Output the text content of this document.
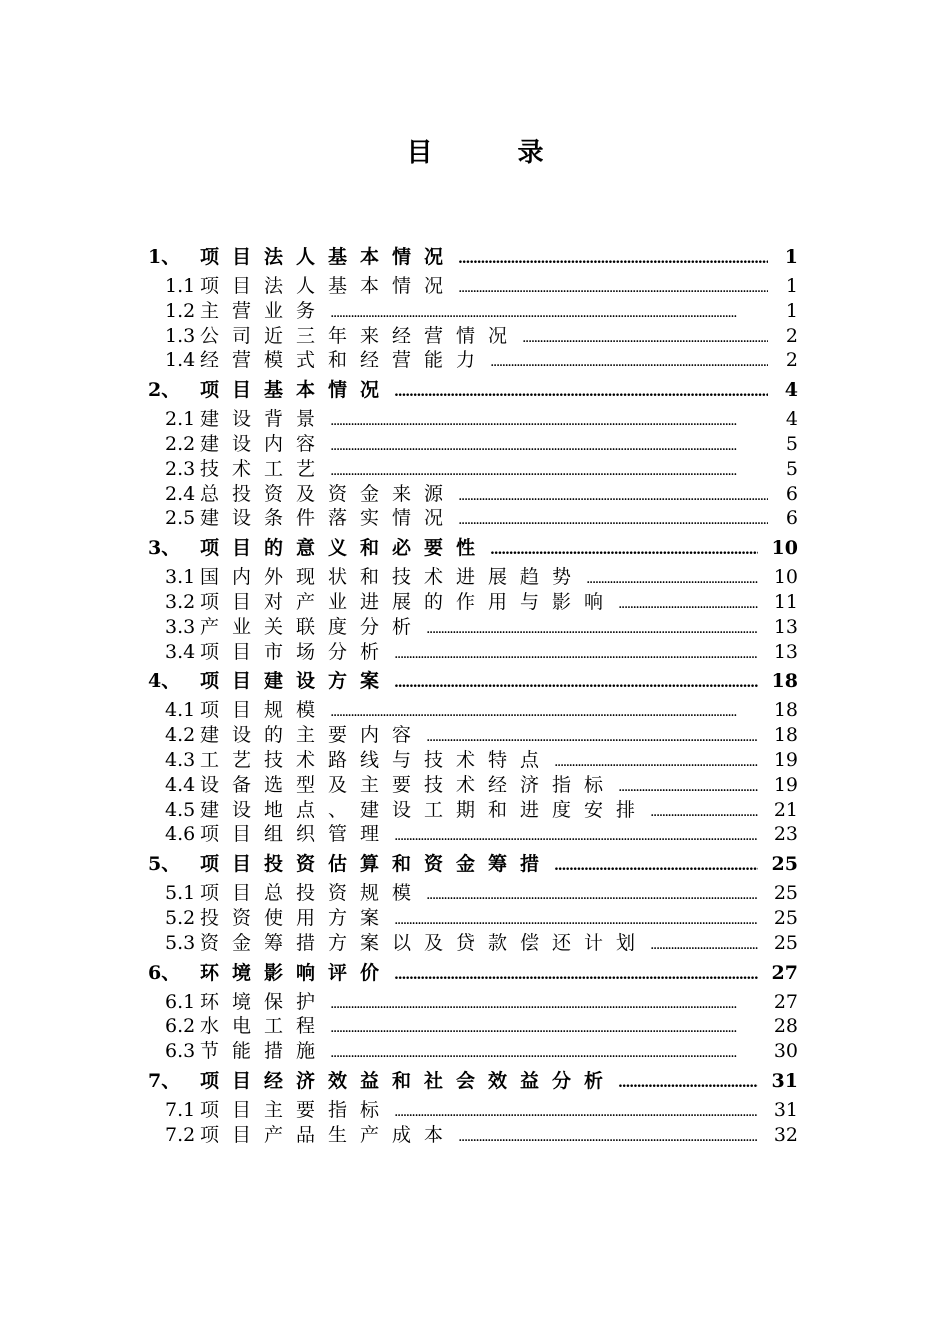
目 录
1、	项目法人基本情况 . . .	1
1.1 项目法人基本情况 . . .	1
1.2 主营业务 . . .	1
1.3 公司近三年来经营情况 . . .	2
1.4 经营模式和经营能力 . . .	2
2、	项目基本情况 . . .	4
2.1 建设背景 . . .	4
2.2 建设内容 . . .	5
2.3 技术工艺 . . .	5
2.4 总投资及资金来源 . . .	6
2.5 建设条件落实情况 . . .	6
3、	项目的意义和必要性 . . .	10
3.1 国内外现状和技术进展趋势 . . .	10
3.2 项目对产业进展的作用与影响 . . .	11
3.3 产业关联度分析 . . .	13
3.4 项目市场分析 . . .	13
4、	项目建设方案 . . .	18
4.1 项目规模 . . .	18
4.2 建设的主要内容 . . .	18
4.3 工艺技术路线与技术特点 . . .	19
4.4 设备选型及主要技术经济指标 . . .	19
4.5 建设地点、建设工期和进度安排 . . .	21
4.6 项目组织管理 . . .	23
5、	项目投资估算和资金筹措 . . .	25
5.1 项目总投资规模 . . .	25
5.2 投资使用方案 . . .	25
5.3 资金筹措方案以及贷款偿还计划 . . .	25
6、	环境影响评价 . . .	27
6.1 环境保护 . . .	27
6.2 水电工程 . . .	28
6.3 节能措施 . . .	30
7、	项目经济效益和社会效益分析 . . .	31
7.1 项目主要指标 . . .	31
7.2 项目产品生产成本 . . .	32
